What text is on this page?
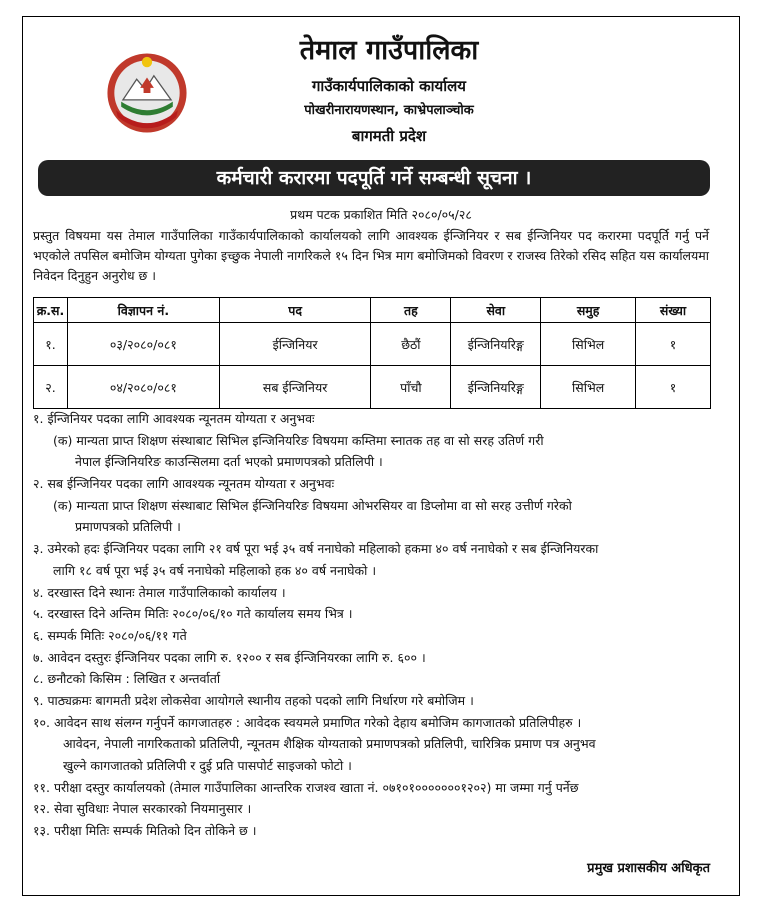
तेमाल गाउँपालिका
गाउँकार्यपालिकाको कार्यालय
पोखरीनारायणस्थान, काभ्रेपलाञ्चोक
बागमती प्रदेश
कर्मचारी करारमा पदपूर्ति गर्ने सम्बन्धी सूचना ।
प्रथम पटक प्रकाशित मिति २०८०/०५/२८
प्रस्तुत विषयमा यस तेमाल गाउँपालिका गाउँकार्यपालिकाको कार्यालयको लागि आवश्यक ईन्जिनियर र सब ईन्जिनियर पद करारमा पदपूर्ति गर्नु पर्ने भएकोले तपसिल बमोजिम योग्यता पुगेका इच्छुक नेपाली नागरिकले १५ दिन भित्र माग बमोजिमको विवरण र राजस्व तिरेको रसिद सहित यस कार्यालयमा निवेदन दिनुहुन अनुरोध छ ।
क्र.स.	विज्ञापन नं.	पद	तह	सेवा	समुह	संख्या
१.	०३/२०८०/०८१	ईन्जिनियर	छैठौं	ईन्जिनियरिङ्ग	सिभिल	१
२.	०४/२०८०/०८१	सब ईन्जिनियर	पाँचौ	ईन्जिनियरिङ्ग	सिभिल	१
१. ईन्जिनियर पदका लागि आवश्यक न्यूनतम योग्यता र अनुभवः
(क) मान्यता प्राप्त शिक्षण संस्थाबाट सिभिल इन्जिनियरिङ विषयमा कम्तिमा स्नातक तह वा सो सरह उतिर्ण गरी
नेपाल ईन्जिनियरिङ काउन्सिलमा दर्ता भएको प्रमाणपत्रको प्रतिलिपी ।
२. सब ईन्जिनियर पदका लागि आवश्यक न्यूनतम योग्यता र अनुभवः
(क) मान्यता प्राप्त शिक्षण संस्थाबाट सिभिल ईन्जिनियरिङ विषयमा ओभरसियर वा डिप्लोमा वा सो सरह उत्तीर्ण गरेको
प्रमाणपत्रको प्रतिलिपी ।
३. उमेरको हदः ईन्जिनियर पदका लागि २१ वर्ष पूरा भई ३५ वर्ष ननाघेको महिलाको हकमा ४० वर्ष ननाघेको र सब ईन्जिनियरका
लागि १८ वर्ष पूरा भई ३५ वर्ष ननाघेको महिलाको हक ४० वर्ष ननाघेको ।
४. दरखास्त दिने स्थानः तेमाल गाउँपालिकाको कार्यालय ।
५. दरखास्त दिने अन्तिम मितिः २०८०/०६/१० गते कार्यालय समय भित्र ।
६. सम्पर्क मितिः २०८०/०६/११ गते
७. आवेदन दस्तुरः ईन्जिनियर पदका लागि रु. १२०० र सब ईन्जिनियरका लागि रु. ६०० ।
८. छनौटको किसिम : लिखित र अन्तर्वार्ता
९. पाठ्यक्रमः बागमती प्रदेश लोकसेवा आयोगले स्थानीय तहको पदको लागि निर्धारण गरे बमोजिम ।
१०. आवेदन साथ संलग्न गर्नुपर्ने कागजातहरु : आवेदक स्वयमले प्रमाणित गरेको देहाय बमोजिम कागजातको प्रतिलिपीहरु ।
आवेदन, नेपाली नागरिकताको प्रतिलिपी, न्यूनतम शैक्षिक योग्यताको प्रमाणपत्रको प्रतिलिपी, चारित्रिक प्रमाण पत्र अनुभव
खुल्ने कागजातको प्रतिलिपी र दुई प्रति पासपोर्ट साइजको फोटो ।
११. परीक्षा दस्तुर कार्यालयको (तेमाल गाउँपालिका आन्तरिक राजश्व खाता नं. ०७१०१०००००००१२०२) मा जम्मा गर्नु पर्नेछ
१२. सेवा सुविधाः नेपाल सरकारको नियमानुसार ।
१३. परीक्षा मितिः सम्पर्क मितिको दिन तोकिने छ ।
प्रमुख प्रशासकीय अधिकृत
